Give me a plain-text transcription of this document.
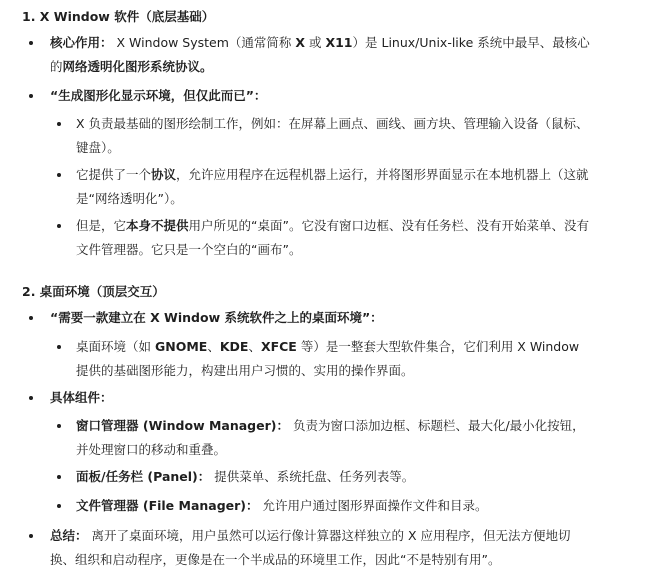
1. X Window 软件（底层基础）
核心作用： X Window System（通常简称 X 或 X11）是 Linux/Unix-like 系统中最早、最核心的网络透明化图形系统协议。
“生成图形化显示环境，但仅此而已”：
X 负责最基础的图形绘制工作，例如：在屏幕上画点、画线、画方块、管理输入设备（鼠标、键盘）。
它提供了一个协议，允许应用程序在远程机器上运行，并将图形界面显示在本地机器上（这就是“网络透明化”）。
但是，它本身不提供用户所见的“桌面”。它没有窗口边框、没有任务栏、没有开始菜单、没有文件管理器。它只是一个空白的“画布”。
2. 桌面环境（顶层交互）
“需要一款建立在 X Window 系统软件之上的桌面环境”：
桌面环境（如 GNOME、KDE、XFCE 等）是一整套大型软件集合，它们利用 X Window 提供的基础图形能力，构建出用户习惯的、实用的操作界面。
具体组件：
窗口管理器 (Window Manager)： 负责为窗口添加边框、标题栏、最大化/最小化按钮，并处理窗口的移动和重叠。
面板/任务栏 (Panel)： 提供菜单、系统托盘、任务列表等。
文件管理器 (File Manager)： 允许用户通过图形界面操作文件和目录。
总结： 离开了桌面环境，用户虽然可以运行像计算器这样独立的 X 应用程序，但无法方便地切换、组织和启动程序，更像是在一个半成品的环境里工作，因此“不是特别有用”。
